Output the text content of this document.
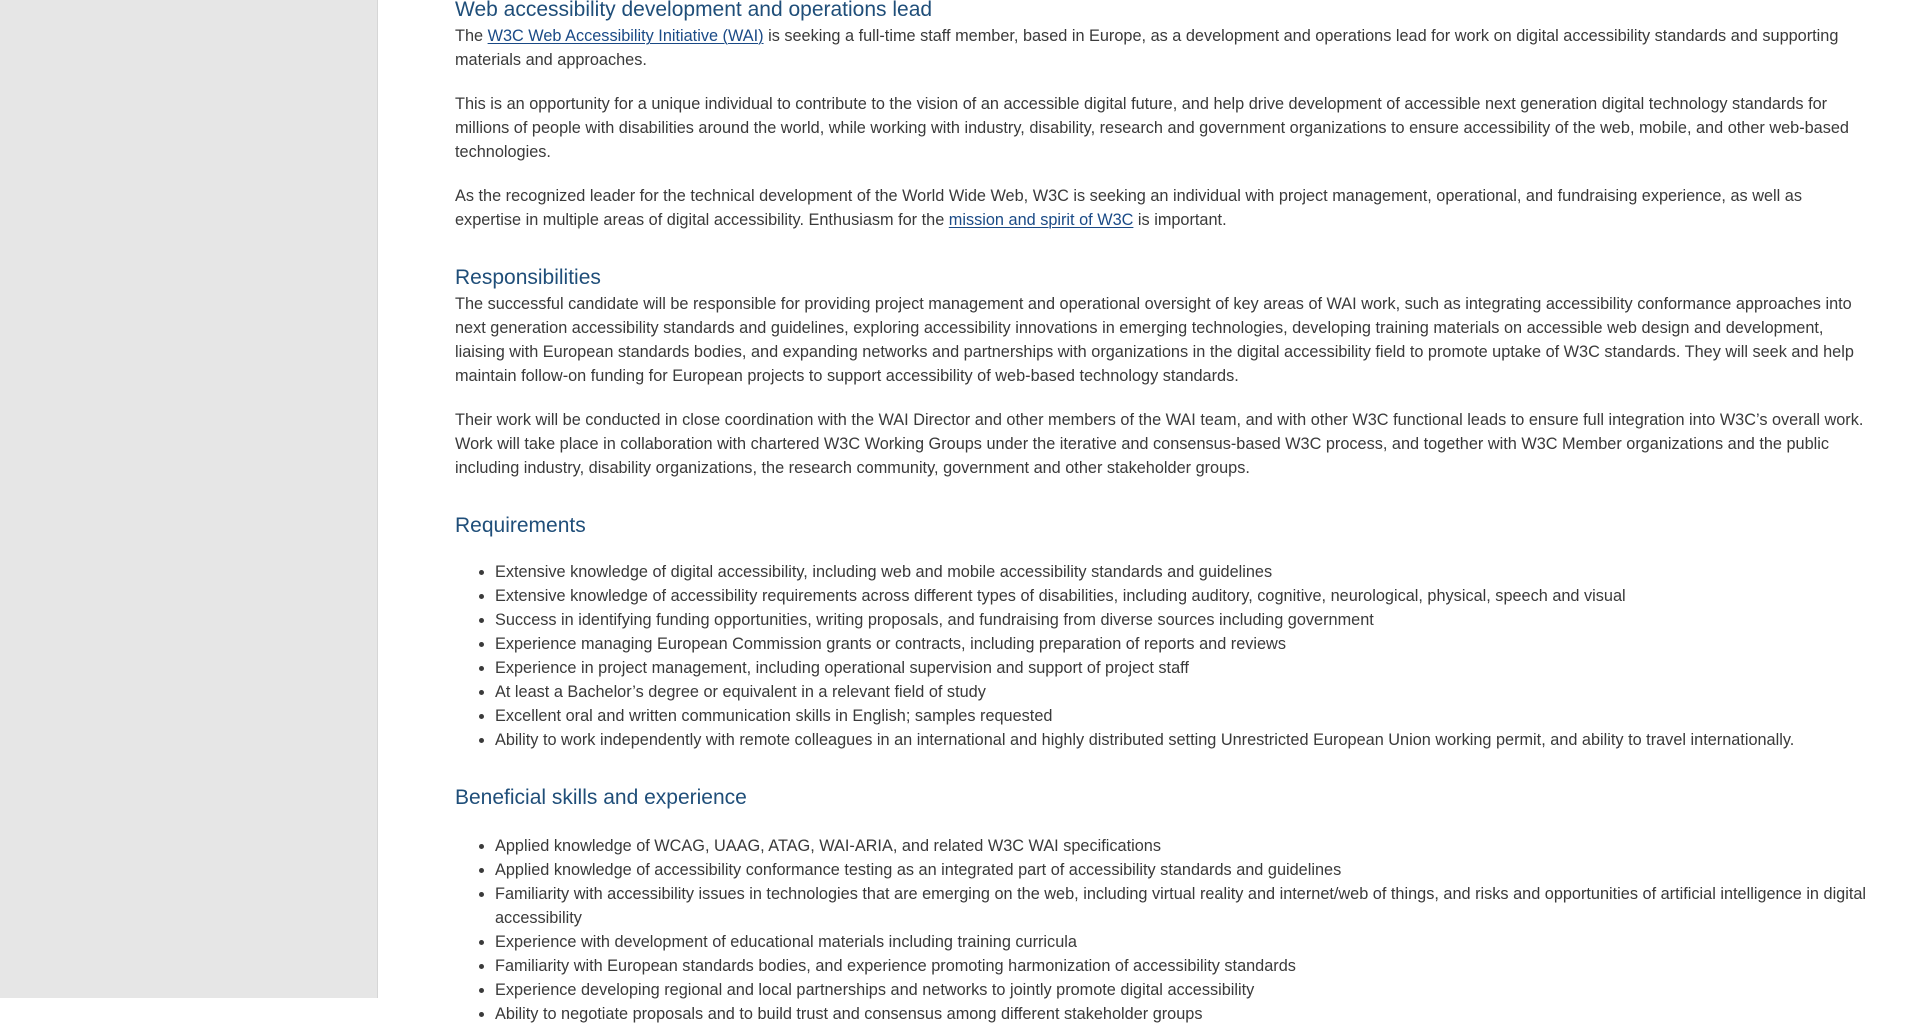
Web accessibility development and operations lead

The W3C Web Accessibility Initiative (WAI) is seeking a full-time staff member, based in Europe, as a development and operations lead for work on digital accessibility standards and supporting materials and approaches.

This is an opportunity for a unique individual to contribute to the vision of an accessible digital future, and help drive development of accessible next generation digital technology standards for millions of people with disabilities around the world, while working with industry, disability, research and government organizations to ensure accessibility of the web, mobile, and other web-based technologies.

As the recognized leader for the technical development of the World Wide Web, W3C is seeking an individual with project management, operational, and fundraising experience, as well as expertise in multiple areas of digital accessibility. Enthusiasm for the mission and spirit of W3C is important.

Responsibilities

The successful candidate will be responsible for providing project management and operational oversight of key areas of WAI work, such as integrating accessibility conformance approaches into next generation accessibility standards and guidelines, exploring accessibility innovations in emerging technologies, developing training materials on accessible web design and development, liaising with European standards bodies, and expanding networks and partnerships with organizations in the digital accessibility field to promote uptake of W3C standards. They will seek and help maintain follow-on funding for European projects to support accessibility of web-based technology standards.

Their work will be conducted in close coordination with the WAI Director and other members of the WAI team, and with other W3C functional leads to ensure full integration into W3C’s overall work. Work will take place in collaboration with chartered W3C Working Groups under the iterative and consensus-based W3C process, and together with W3C Member organizations and the public including industry, disability organizations, the research community, government and other stakeholder groups.

Requirements
• Extensive knowledge of digital accessibility, including web and mobile accessibility standards and guidelines
• Extensive knowledge of accessibility requirements across different types of disabilities, including auditory, cognitive, neurological, physical, speech and visual
• Success in identifying funding opportunities, writing proposals, and fundraising from diverse sources including government
• Experience managing European Commission grants or contracts, including preparation of reports and reviews
• Experience in project management, including operational supervision and support of project staff
• At least a Bachelor’s degree or equivalent in a relevant field of study
• Excellent oral and written communication skills in English; samples requested
• Ability to work independently with remote colleagues in an international and highly distributed setting Unrestricted European Union working permit, and ability to travel internationally.
Beneficial skills and experience
• Applied knowledge of WCAG, UAAG, ATAG, WAI-ARIA, and related W3C WAI specifications
• Applied knowledge of accessibility conformance testing as an integrated part of accessibility standards and guidelines
• Familiarity with accessibility issues in technologies that are emerging on the web, including virtual reality and internet/web of things, and risks and opportunities of artificial intelligence in digital accessibility
• Experience with development of educational materials including training curricula
• Familiarity with European standards bodies, and experience promoting harmonization of accessibility standards
• Experience developing regional and local partnerships and networks to jointly promote digital accessibility
• Ability to negotiate proposals and to build trust and consensus among different stakeholder groups
